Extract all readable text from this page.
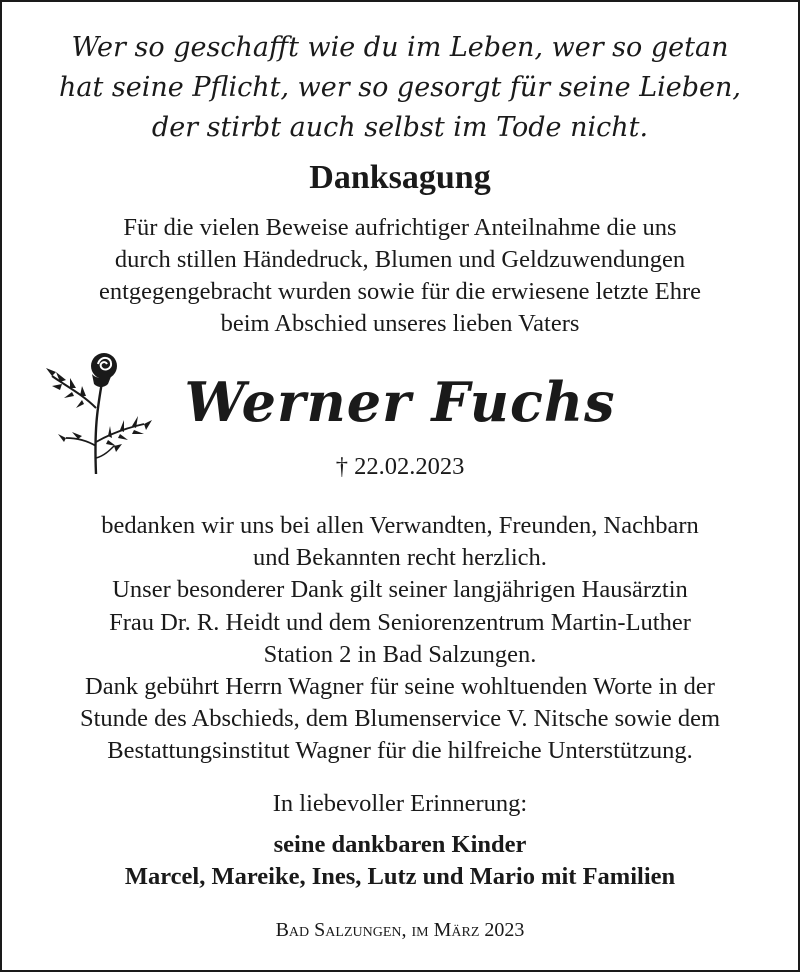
Wer so geschafft wie du im Leben, wer so getan
hat seine Pflicht, wer so gesorgt für seine Lieben,
der stirbt auch selbst im Tode nicht.
Danksagung
Für die vielen Beweise aufrichtiger Anteilnahme die uns
durch stillen Händedruck, Blumen und Geldzuwendungen
entgegengebracht wurden sowie für die erwiesene letzte Ehre
beim Abschied unseres lieben Vaters
Werner Fuchs
† 22.02.2023
bedanken wir uns bei allen Verwandten, Freunden, Nachbarn
und Bekannten recht herzlich.
Unser besonderer Dank gilt seiner langjährigen Hausärztin
Frau Dr. R. Heidt und dem Seniorenzentrum Martin-Luther
Station 2 in Bad Salzungen.
Dank gebührt Herrn Wagner für seine wohltuenden Worte in der
Stunde des Abschieds, dem Blumenservice V. Nitsche sowie dem
Bestattungsinstitut Wagner für die hilfreiche Unterstützung.
In liebevoller Erinnerung:
seine dankbaren Kinder
Marcel, Mareike, Ines, Lutz und Mario mit Familien
Bad Salzungen, im März 2023
